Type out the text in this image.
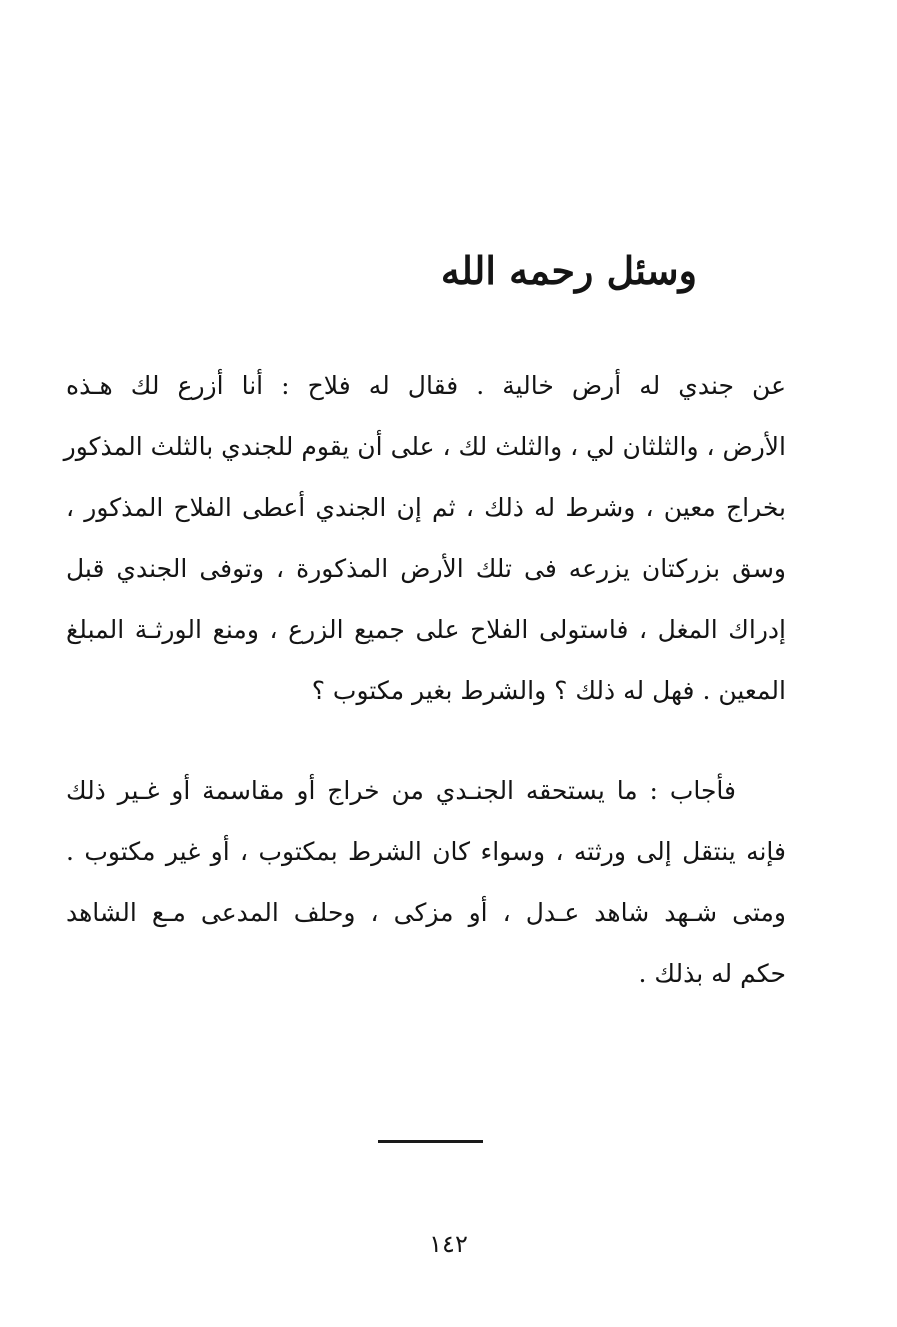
وسئل رحمه الله
عن جندي له أرض خالية . فقال له فلاح : أنا أزرع لك هـذه
الأرض ، والثلثان لي ، والثلث لك ، على أن يقوم للجندي بالثلث المذكور
بخراج معين ، وشرط له ذلك ، ثم إن الجندي أعطى الفلاح المذكور ،
وسق بزركتان يزرعه فى تلك الأرض المذكورة ، وتوفى الجندي قبل
إدراك المغل ، فاستولى الفلاح على جميع الزرع ، ومنع الورثـة المبلغ
المعين . فهل له ذلك ؟ والشرط بغير مكتوب ؟
فأجاب : ما يستحقه الجنـدي من خراج أو مقاسمة أو غـير ذلك
فإنه ينتقل إلى ورثته ، وسواء كان الشرط بمكتوب ، أو غير مكتوب .
ومتى شـهد شاهد عـدل ، أو مزكى ، وحلف المدعى مـع الشاهد
حكم له بذلك .
١٤٢
